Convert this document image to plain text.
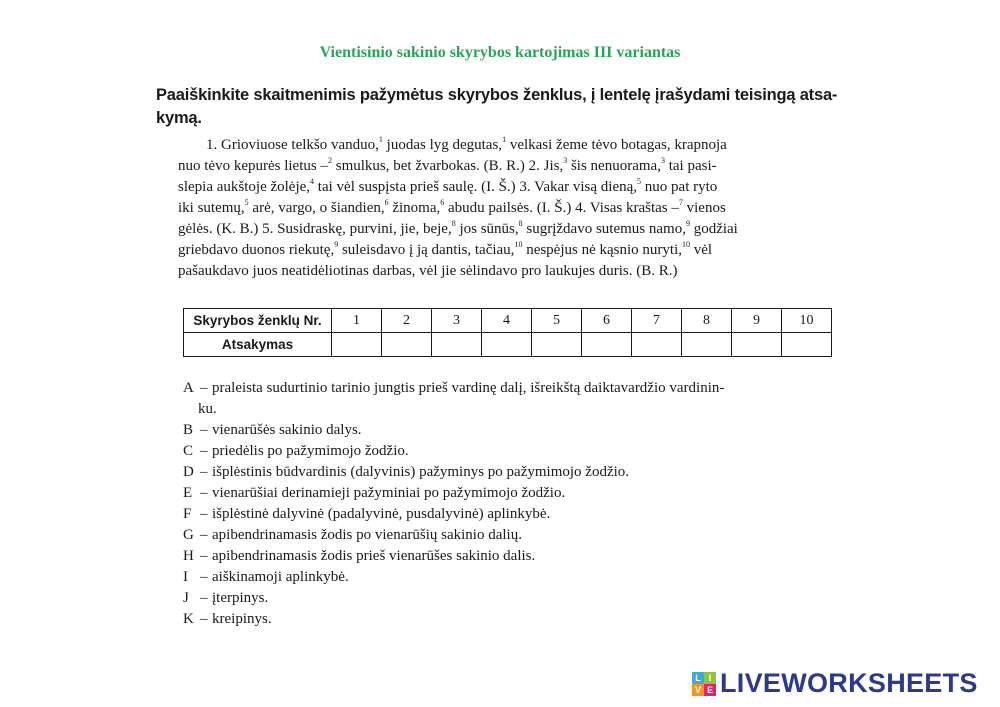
Vientisinio sakinio skyrybos kartojimas III variantas
Paaiškinkite skaitmenimis pažymėtus skyrybos ženklus, į lentelę įrašydami teisingą atsa-
kymą.
1. Grioviuose telkšo vanduo,$^1$ juodas lyg degutas,$^1$ velkasi žeme tėvo botagas, krapnoja
nuo tėvo kepurės lietus –$^2$ smulkus, bet žvarbokas. (B. R.) 2. Jis,$^3$ šis nenuorama,$^3$ tai pasi-
slepia aukštoje žolėje,$^4$ tai vėl suspįsta prieš saulę. (I. Š.) 3. Vakar visą dieną,$^5$ nuo pat ryto
iki sutemų,$^5$ arė, vargo, o šiandien,$^6$ žinoma,$^6$ abudu pailsės. (I. Š.) 4. Visas kraštas –$^7$ vienos
gėlės. (K. B.) 5. Susidraskę, purvini, jie, beje,$^8$ jos sūnūs,$^8$ sugrįždavo sutemus namo,$^9$ godžiai
griebdavo duonos riekutę,$^9$ suleisdavo į ją dantis, tačiau,$^{10}$ nespėjus nė kąsnio nuryti,$^{10}$ vėl
pašaukdavo juos neatidėliotinas darbas, vėl jie sėlindavo pro laukujes duris. (B. R.)
Skyrybos ženklų Nr.	1	2	3	4	5	6	7	8	9	10
Atsakymas										
A – praleista sudurtinio tarinio jungtis prieš vardinę dalį, išreikštą daiktavardžio vardinin-
ku.
B – vienarūšės sakinio dalys.
C – priedėlis po pažymimojo žodžio.
D – išplėstinis būdvardinis (dalyvinis) pažyminys po pažymimojo žodžio.
E – vienarūšiai derinamieji pažyminiai po pažymimojo žodžio.
F – išplėstinė dalyvinė (padalyvinė, pusdalyvinė) aplinkybė.
G – apibendrinamasis žodis po vienarūšių sakinio dalių.
H – apibendrinamasis žodis prieš vienarūšes sakinio dalis.
I – aiškinamoji aplinkybė.
J – įterpinys.
K – kreipinys.
L I
V E LIVEWORKSHEETS
